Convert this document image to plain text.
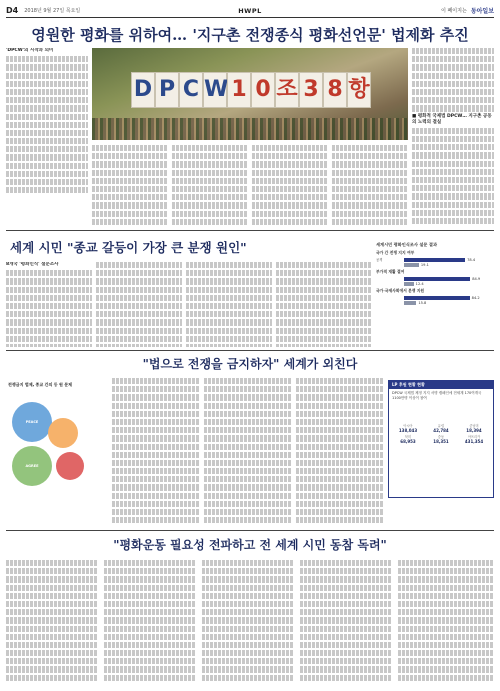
D4 2018년 9월 27일 목요일	HWPL	이 페이지는 동아일보
영원한 평화를 위하여… '지구촌 전쟁종식 평화선언문' 법제화 추진
'DPCW'의 시작과 의미
D P C W 1 0 조 3 8 항
■ 평화적 국제법 DPCW… 지구촌 공동의 노력의 결실
세계 시민 "종교 갈등이 가장 큰 분쟁 원인"
8개국 '평화인식' 설문조사
세계시민 평화인식조사 설문 결과
국가 간 전쟁 지지 여부
공격	78.4
19.1
부가적 재활 결여
84.9
12.4
국가·국제사회에서 분쟁 지원
84.2
15.8
"법으로 전쟁을 금지하자" 세계가 외친다
전쟁금지 법제, 종교 간의 등 원 문제
PEACE
AGREE
LP 후원 현황 현황
DPCW 국제법 제정 지지 서명 캠페인에 전세계 170여개국 1100만명 이상이 참여
아시아
138,043
유럽
42,784
중남미
18,394
북미
68,953
중동
18,351
아프리카
431,354
"평화운동 필요성 전파하고 전 세계 시민 동참 독려"
